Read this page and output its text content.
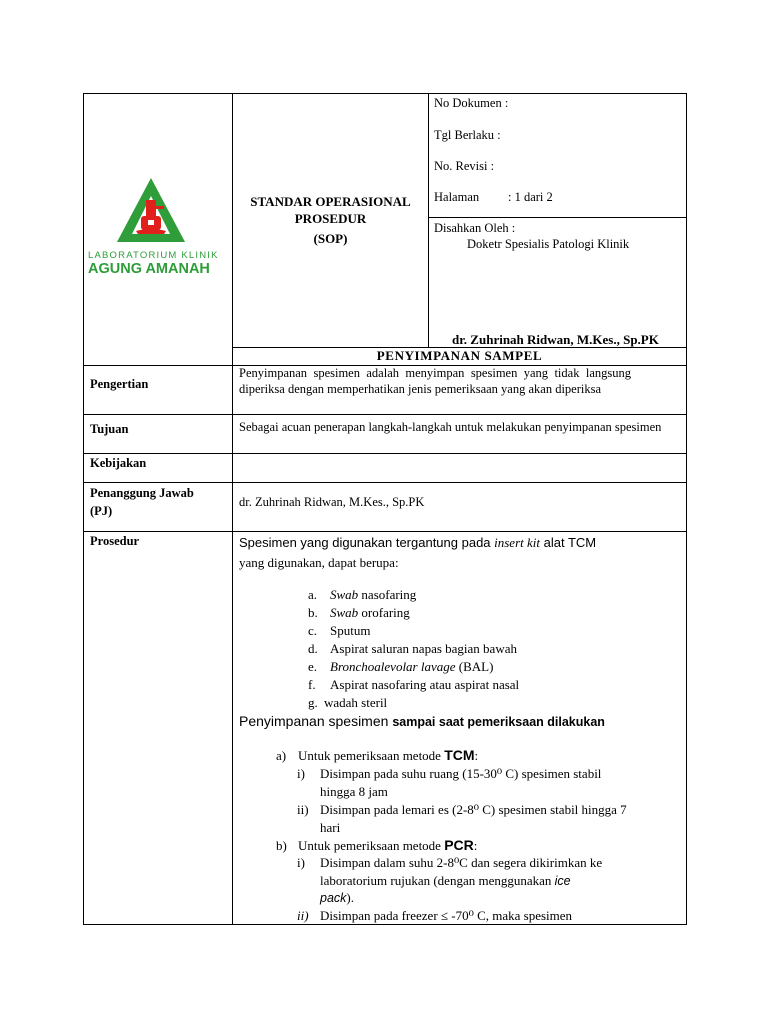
LABORATORIUM KLINIK
AGUNG AMANAH
STANDAR OPERASIONAL
PROSEDUR
(SOP)
No Dokumen :
Tgl Berlaku :
No. Revisi :
Halaman : 1 dari 2
Disahkan Oleh :
Doketr Spesialis Patologi Klinik
dr. Zuhrinah Ridwan, M.Kes., Sp.PK
PENYIMPANAN SAMPEL
Pengertian
Penyimpanan spesimen adalah menyimpan spesimen yang tidak langsung diperiksa dengan memperhatikan jenis pemeriksaan yang akan diperiksa
Tujuan	Sebagai acuan penerapan langkah-langkah untuk melakukan penyimpanan spesimen
Kebijakan
Penanggung Jawab
(PJ)
dr. Zuhrinah Ridwan, M.Kes., Sp.PK
Prosedur	Spesimen yang digunakan tergantung pada insert kit alat TCM
yang digunakan, dapat berupa:
a. Swab nasofaring
b. Swab orofaring
c. Sputum
d. Aspirat saluran napas bagian bawah
e. Bronchoalevolar lavage (BAL)
f. Aspirat nasofaring atau aspirat nasal
g. wadah steril
Penyimpanan spesimen sampai saat pemeriksaan dilakukan
a) Untuk pemeriksaan metode TCM:
i) Disimpan pada suhu ruang (15-30⁰ C) spesimen stabil
hingga 8 jam
ii) Disimpan pada lemari es (2-8⁰ C) spesimen stabil hingga 7
hari
b) Untuk pemeriksaan metode PCR:
i) Disimpan dalam suhu 2-8⁰C dan segera dikirimkan ke
laboratorium rujukan (dengan menggunakan ice
pack).
ii) Disimpan pada freezer ≤ -70⁰ C, maka spesimen
